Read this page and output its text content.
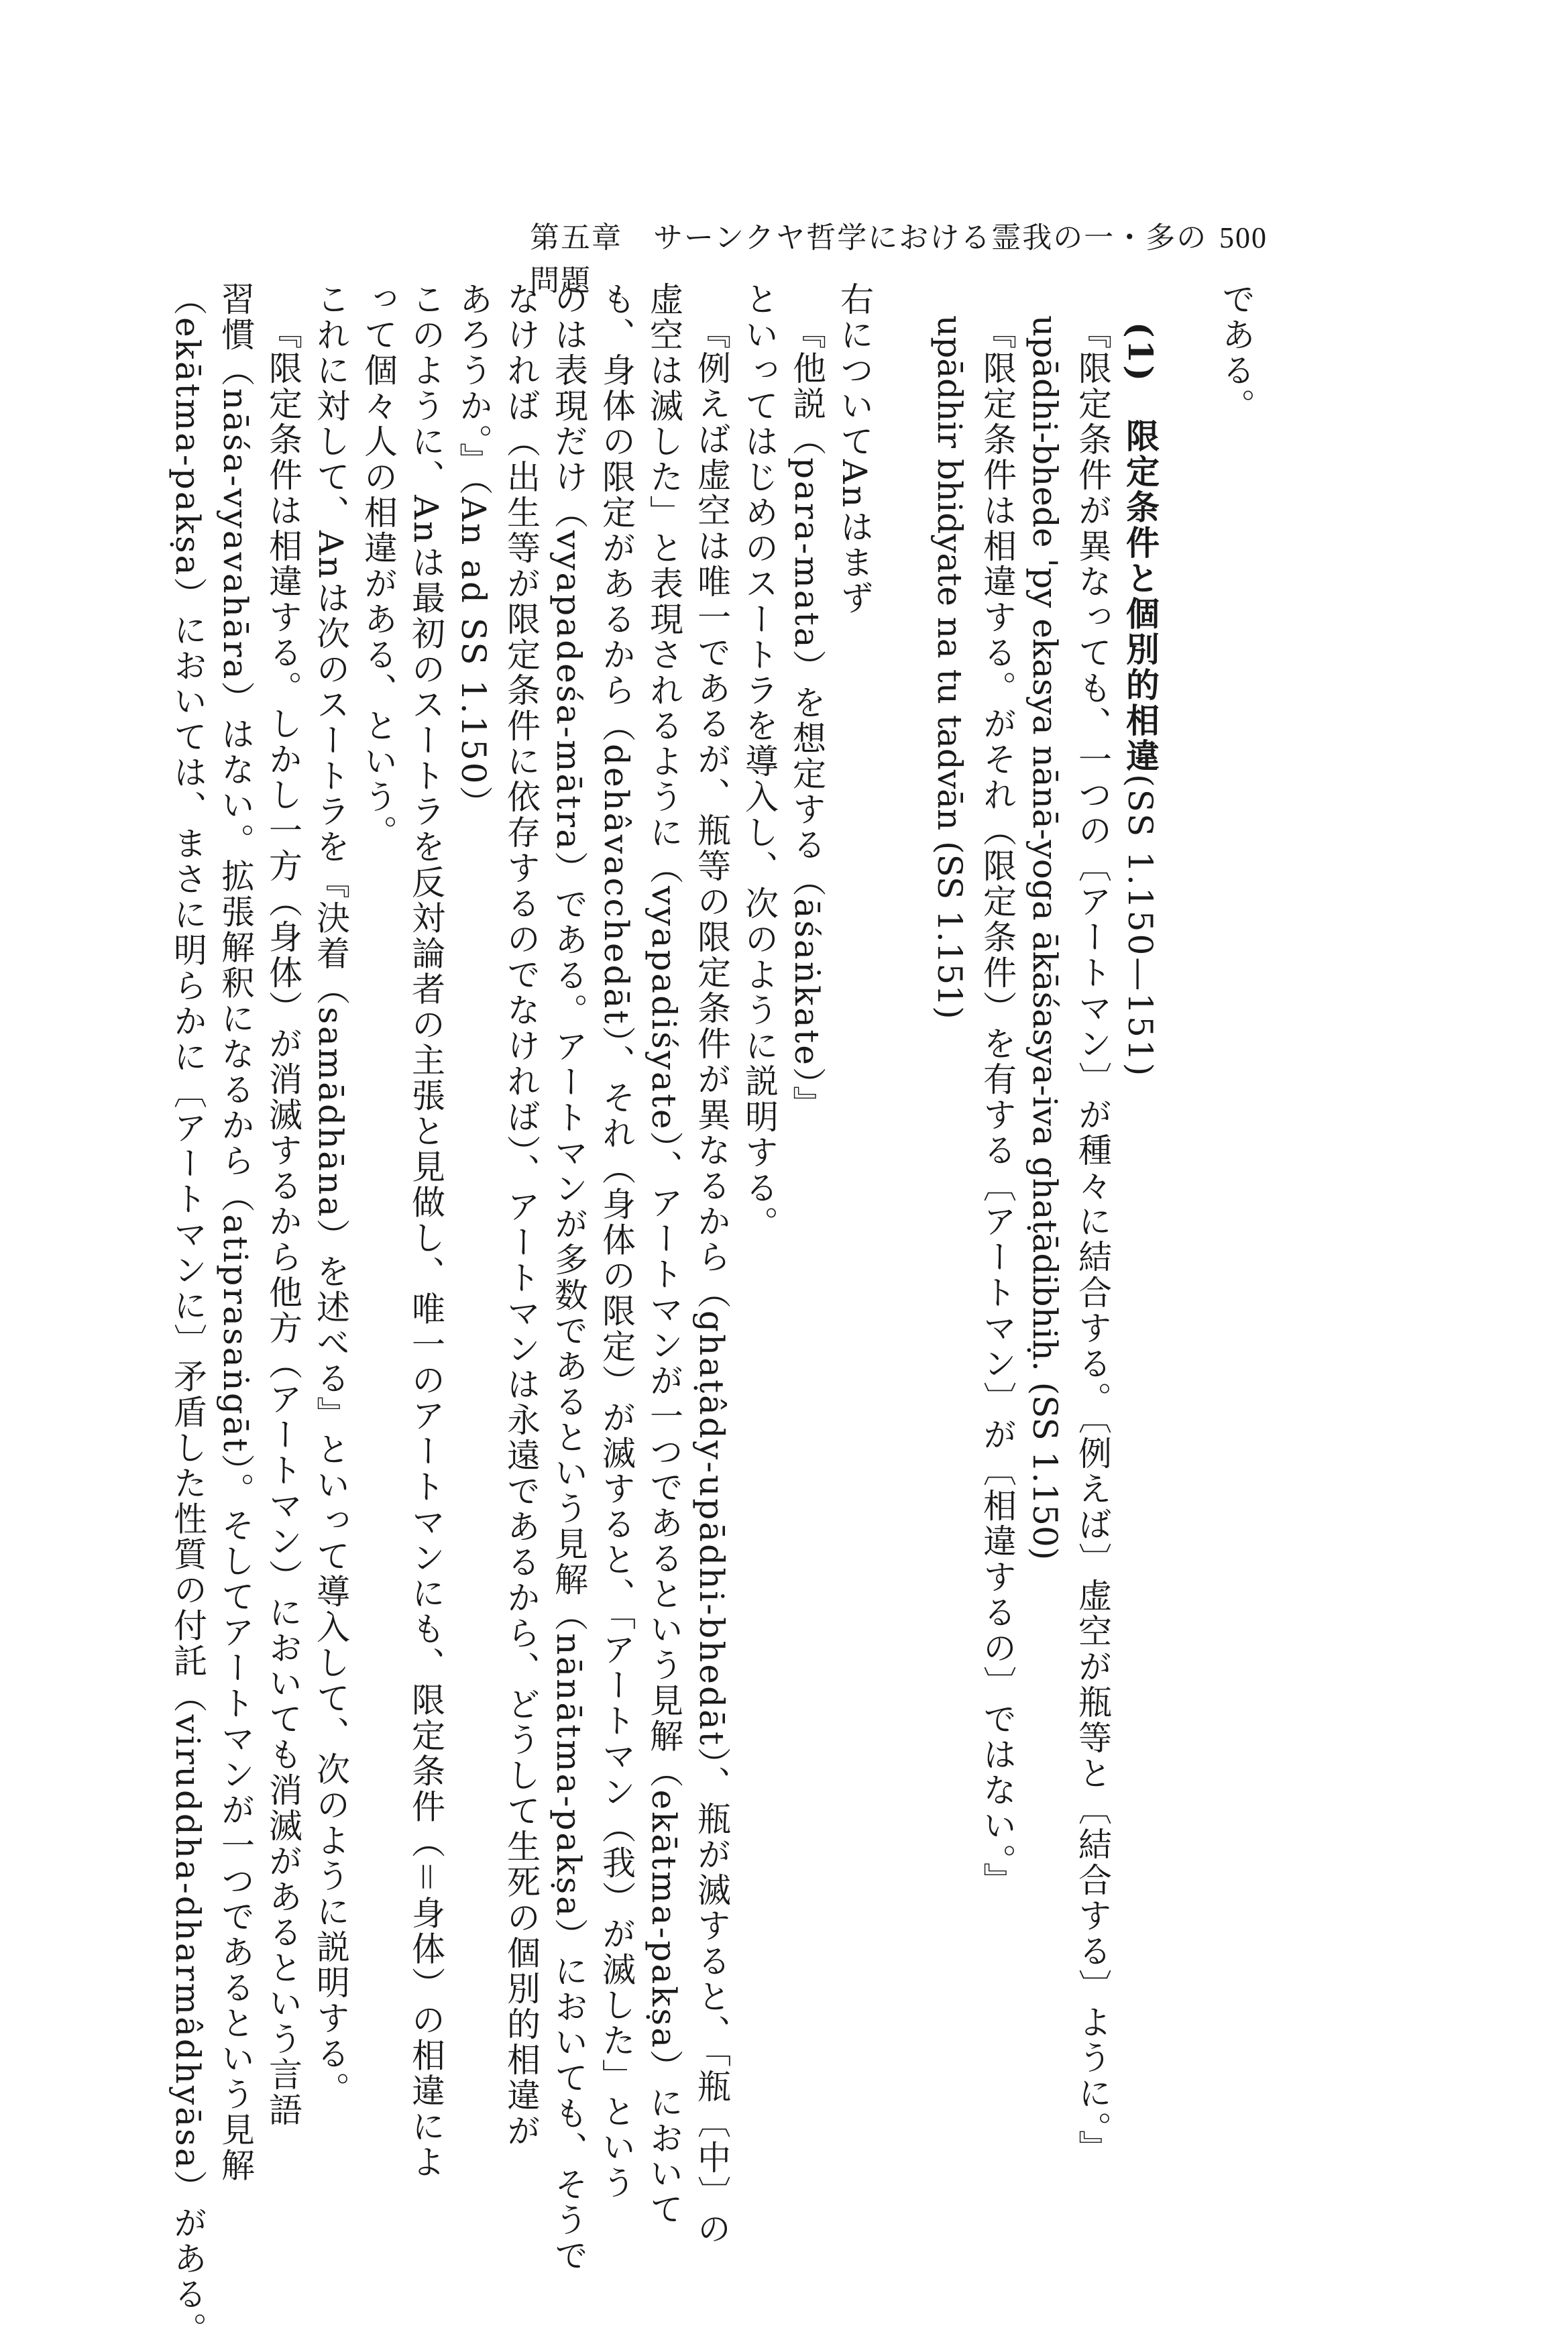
第五章　サーンクヤ哲学における霊我の一・多の問題
500
である。
(1)　限定条件と個別的相違(SS 1.150—151)
『限定条件が異なっても、一つの〔アートマン〕が種々に結合する。〔例えば〕虚空が瓶等と〔結合する〕ように。』
upādhi-bhede 'py ekasya nānā-yoga ākāśasya-iva ghaṭādibhiḥ. (SS 1.150)
『限定条件は相違する。がそれ（限定条件）を有する〔アートマン〕が〔相違するの〕ではない。』
upādhir bhidyate na tu tadvān (SS 1.151)
右についてAnはまず
『他説（para-mata）を想定する（āśaṅkate）』
といってはじめのスートラを導入し、次のように説明する。
『例えば虚空は唯一であるが、瓶等の限定条件が異なるから（ghaṭâdy-upādhi-bhedāt）、瓶が滅すると、「瓶〔中〕の
虚空は滅した」と表現されるように（vyapadiśyate）、アートマンが一つであるという見解（ekātma-pakṣa）において
も、身体の限定があるから（dehâvacchedāt）、それ（身体の限定）が滅すると、「アートマン（我）が滅した」という
のは表現だけ（vyapadeśa-mātra）である。アートマンが多数であるという見解（nānātma-pakṣa）においても、そうで
なければ（出生等が限定条件に依存するのでなければ）、アートマンは永遠であるから、どうして生死の個別的相違が
あろうか。』（An ad SS 1.150）
このように、Anは最初のスートラを反対論者の主張と見做し、唯一のアートマンにも、限定条件（＝身体）の相違によ
って個々人の相違がある、という。
これに対して、Anは次のスートラを『決着（samādhāna）を述べる』といって導入して、次のように説明する。
『限定条件は相違する。しかし一方（身体）が消滅するから他方（アートマン）においても消滅があるという言語
習慣（nāśa-vyavahāra）はない。拡張解釈になるから（atiprasaṅgāt）。そしてアートマンが一つであるという見解
（ekātma-pakṣa）においては、まさに明らかに〔アートマンに〕矛盾した性質の付託（viruddha-dharmâdhyāsa）がある。
